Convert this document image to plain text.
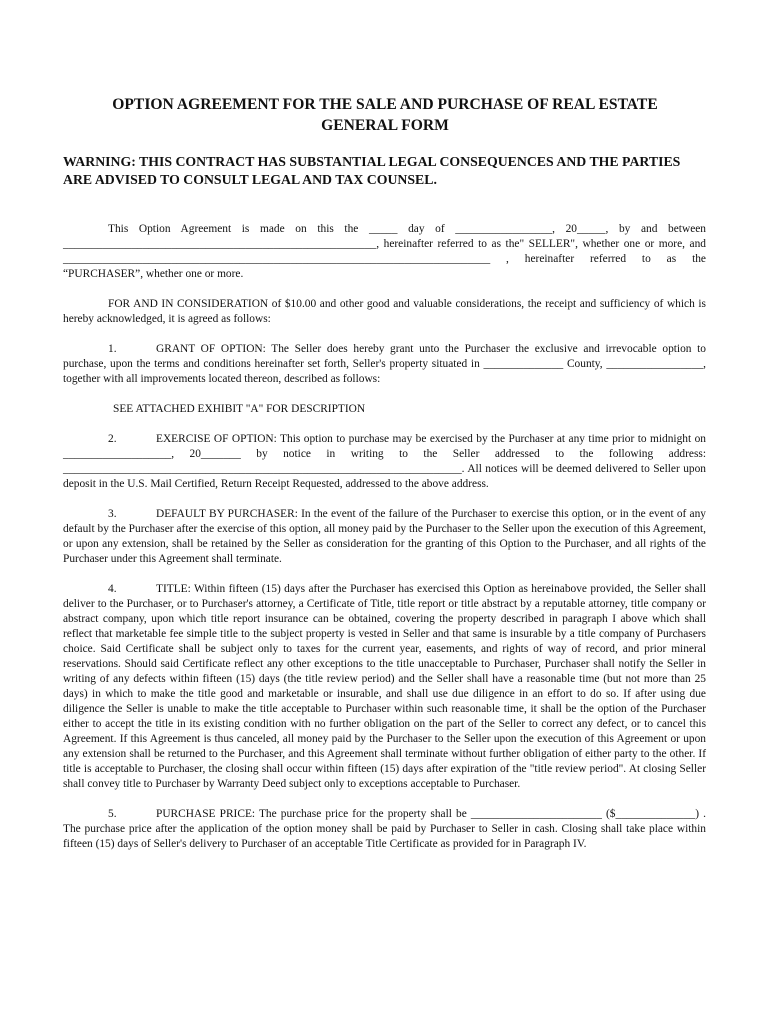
OPTION AGREEMENT FOR THE SALE AND PURCHASE OF REAL ESTATE
GENERAL FORM
WARNING: THIS CONTRACT HAS SUBSTANTIAL LEGAL CONSEQUENCES AND THE PARTIES ARE ADVISED TO CONSULT LEGAL AND TAX COUNSEL.

This Option Agreement is made on this the _____ day of _________________, 20_____, by and between _______________________________________________________, hereinafter referred to as the" SELLER", whether one or more, and ___________________________________________________________________________ , hereinafter referred to as the “PURCHASER”, whether one or more.

FOR AND IN CONSIDERATION of $10.00 and other good and valuable considerations, the receipt and sufficiency of which is hereby acknowledged, it is agreed as follows:

1.	GRANT OF OPTION: The Seller does hereby grant unto the Purchaser the exclusive and irrevocable option to purchase, upon the terms and conditions hereinafter set forth, Seller's property situated in ______________ County, _________________, together with all improvements located thereon, described as follows:

SEE ATTACHED EXHIBIT "A" FOR DESCRIPTION

2.	EXERCISE OF OPTION: This option to purchase may be exercised by the Purchaser at any time prior to midnight on ___________________, 20_______ by notice in writing to the Seller addressed to the following address: ______________________________________________________________________. All notices will be deemed delivered to Seller upon deposit in the U.S. Mail Certified, Return Receipt Requested, addressed to the above address.

3.	DEFAULT BY PURCHASER: In the event of the failure of the Purchaser to exercise this option, or in the event of any default by the Purchaser after the exercise of this option, all money paid by the Purchaser to the Seller upon the execution of this Agreement, or upon any extension, shall be retained by the Seller as consideration for the granting of this Option to the Purchaser, and all rights of the Purchaser under this Agreement shall terminate.

4.	TITLE: Within fifteen (15) days after the Purchaser has exercised this Option as hereinabove provided, the Seller shall deliver to the Purchaser, or to Purchaser's attorney, a Certificate of Title, title report or title abstract by a reputable attorney, title company or abstract company, upon which title report insurance can be obtained, covering the property described in paragraph I above which shall reflect that marketable fee simple title to the subject property is vested in Seller and that same is insurable by a title company of Purchasers choice. Said Certificate shall be subject only to taxes for the current year, easements, and rights of way of record, and prior mineral reservations. Should said Certificate reflect any other exceptions to the title unacceptable to Purchaser, Purchaser shall notify the Seller in writing of any defects within fifteen (15) days (the title review period) and the Seller shall have a reasonable time (but not more than 25 days) in which to make the title good and marketable or insurable, and shall use due diligence in an effort to do so. If after using due diligence the Seller is unable to make the title acceptable to Purchaser within such reasonable time, it shall be the option of the Purchaser either to accept the title in its existing condition with no further obligation on the part of the Seller to correct any defect, or to cancel this Agreement. If this Agreement is thus canceled, all money paid by the Purchaser to the Seller upon the execution of this Agreement or upon any extension shall be returned to the Purchaser, and this Agreement shall terminate without further obligation of either party to the other. If title is acceptable to Purchaser, the closing shall occur within fifteen (15) days after expiration of the "title review period". At closing Seller shall convey title to Purchaser by Warranty Deed subject only to exceptions acceptable to Purchaser.

5.	PURCHASE PRICE: The purchase price for the property shall be _______________________ ($______________) . The purchase price after the application of the option money shall be paid by Purchaser to Seller in cash. Closing shall take place within fifteen (15) days of Seller's delivery to Purchaser of an acceptable Title Certificate as provided for in Paragraph IV.
